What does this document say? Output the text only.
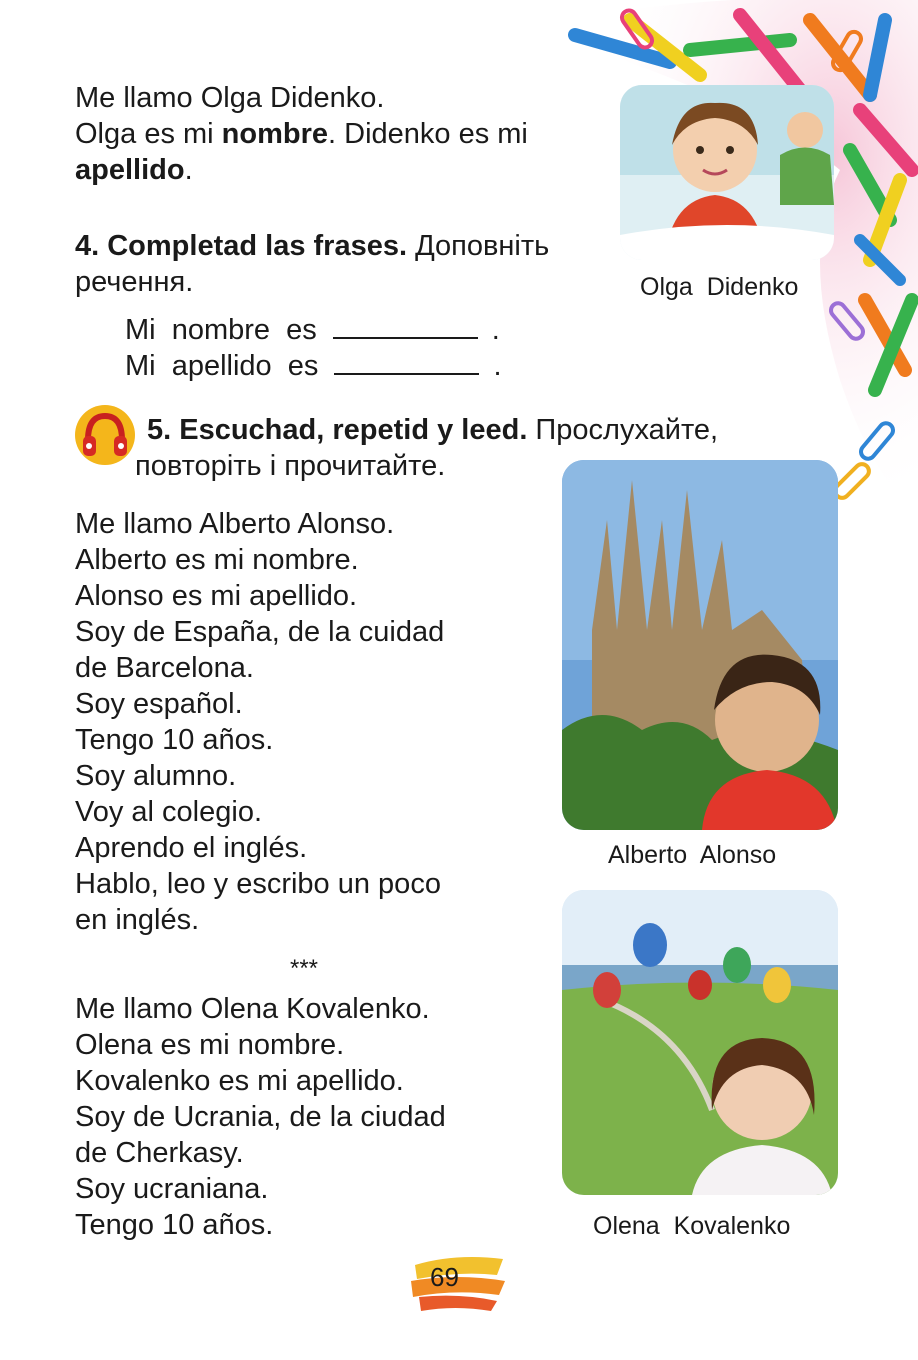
Me llamo Olga Didenko.
Olga es mi nombre. Didenko es mi
apellido.
Olga  Didenko
4. Completad las frases. Доповніть
речення.
Mi  nombre  es	.
Mi  apellido  es	.
5. Escuchad, repetid y leed. Прослухайте,
повторіть і прочитайте.
Me llamo Alberto Alonso.
Alberto es mi nombre.
Alonso es mi apellido.
Soy de España, de la cuidad
de Barcelona.
Soy español.
Tengo 10 años.
Soy alumno.
Voy al colegio.
Aprendo el inglés.
Hablo, leo y escribo un poco
en inglés.
Alberto  Alonso
***
Me llamo Olena Kovalenko.
Olena es mi nombre.
Kovalenko es mi apellido.
Soy de Ucrania, de la ciudad
de Cherkasy.
Soy ucraniana.
Tengo 10 años.	Olena  Kovalenko
69
